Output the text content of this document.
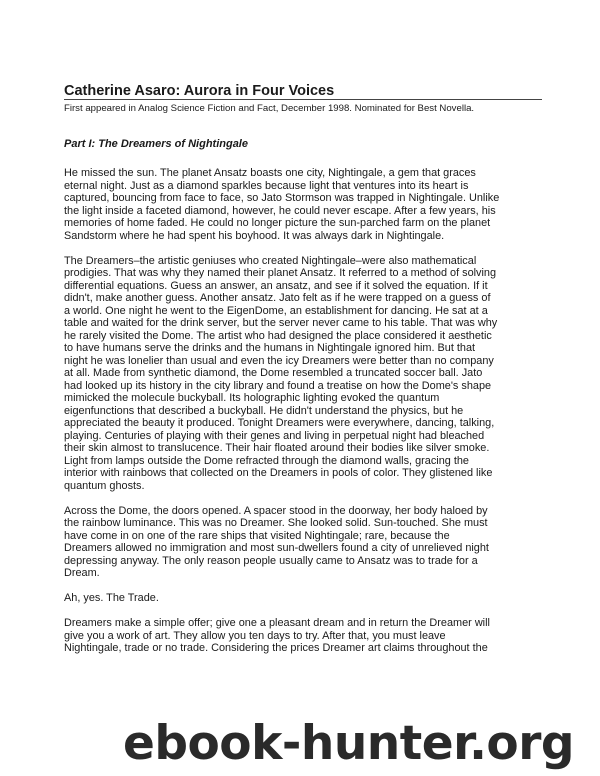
Catherine Asaro: Aurora in Four Voices

First appeared in Analog Science Fiction and Fact, December 1998. Nominated for Best Novella.

Part I: The Dreamers of Nightingale

He missed the sun. The planet Ansatz boasts one city, Nightingale, a gem that graces
eternal night. Just as a diamond sparkles because light that ventures into its heart is
captured, bouncing from face to face, so Jato Stormson was trapped in Nightingale. Unlike
the light inside a faceted diamond, however, he could never escape. After a few years, his
memories of home faded. He could no longer picture the sun-parched farm on the planet
Sandstorm where he had spent his boyhood. It was always dark in Nightingale.

The Dreamers–the artistic geniuses who created Nightingale–were also mathematical
prodigies. That was why they named their planet Ansatz. It referred to a method of solving
differential equations. Guess an answer, an ansatz, and see if it solved the equation. If it
didn't, make another guess. Another ansatz. Jato felt as if he were trapped on a guess of
a world. One night he went to the EigenDome, an establishment for dancing. He sat at a
table and waited for the drink server, but the server never came to his table. That was why
he rarely visited the Dome. The artist who had designed the place considered it aesthetic
to have humans serve the drinks and the humans in Nightingale ignored him. But that
night he was lonelier than usual and even the icy Dreamers were better than no company
at all. Made from synthetic diamond, the Dome resembled a truncated soccer ball. Jato
had looked up its history in the city library and found a treatise on how the Dome's shape
mimicked the molecule buckyball. Its holographic lighting evoked the quantum
eigenfunctions that described a buckyball. He didn't understand the physics, but he
appreciated the beauty it produced. Tonight Dreamers were everywhere, dancing, talking,
playing. Centuries of playing with their genes and living in perpetual night had bleached
their skin almost to translucence. Their hair floated around their bodies like silver smoke.
Light from lamps outside the Dome refracted through the diamond walls, gracing the
interior with rainbows that collected on the Dreamers in pools of color. They glistened like
quantum ghosts.

Across the Dome, the doors opened. A spacer stood in the doorway, her body haloed by
the rainbow luminance. This was no Dreamer. She looked solid. Sun-touched. She must
have come in on one of the rare ships that visited Nightingale; rare, because the
Dreamers allowed no immigration and most sun-dwellers found a city of unrelieved night
depressing anyway. The only reason people usually came to Ansatz was to trade for a
Dream.

Ah, yes. The Trade.

Dreamers make a simple offer; give one a pleasant dream and in return the Dreamer will
give you a work of art. They allow you ten days to try. After that, you must leave
Nightingale, trade or no trade. Considering the prices Dreamer art claims throughout the

ebook-hunter.org
